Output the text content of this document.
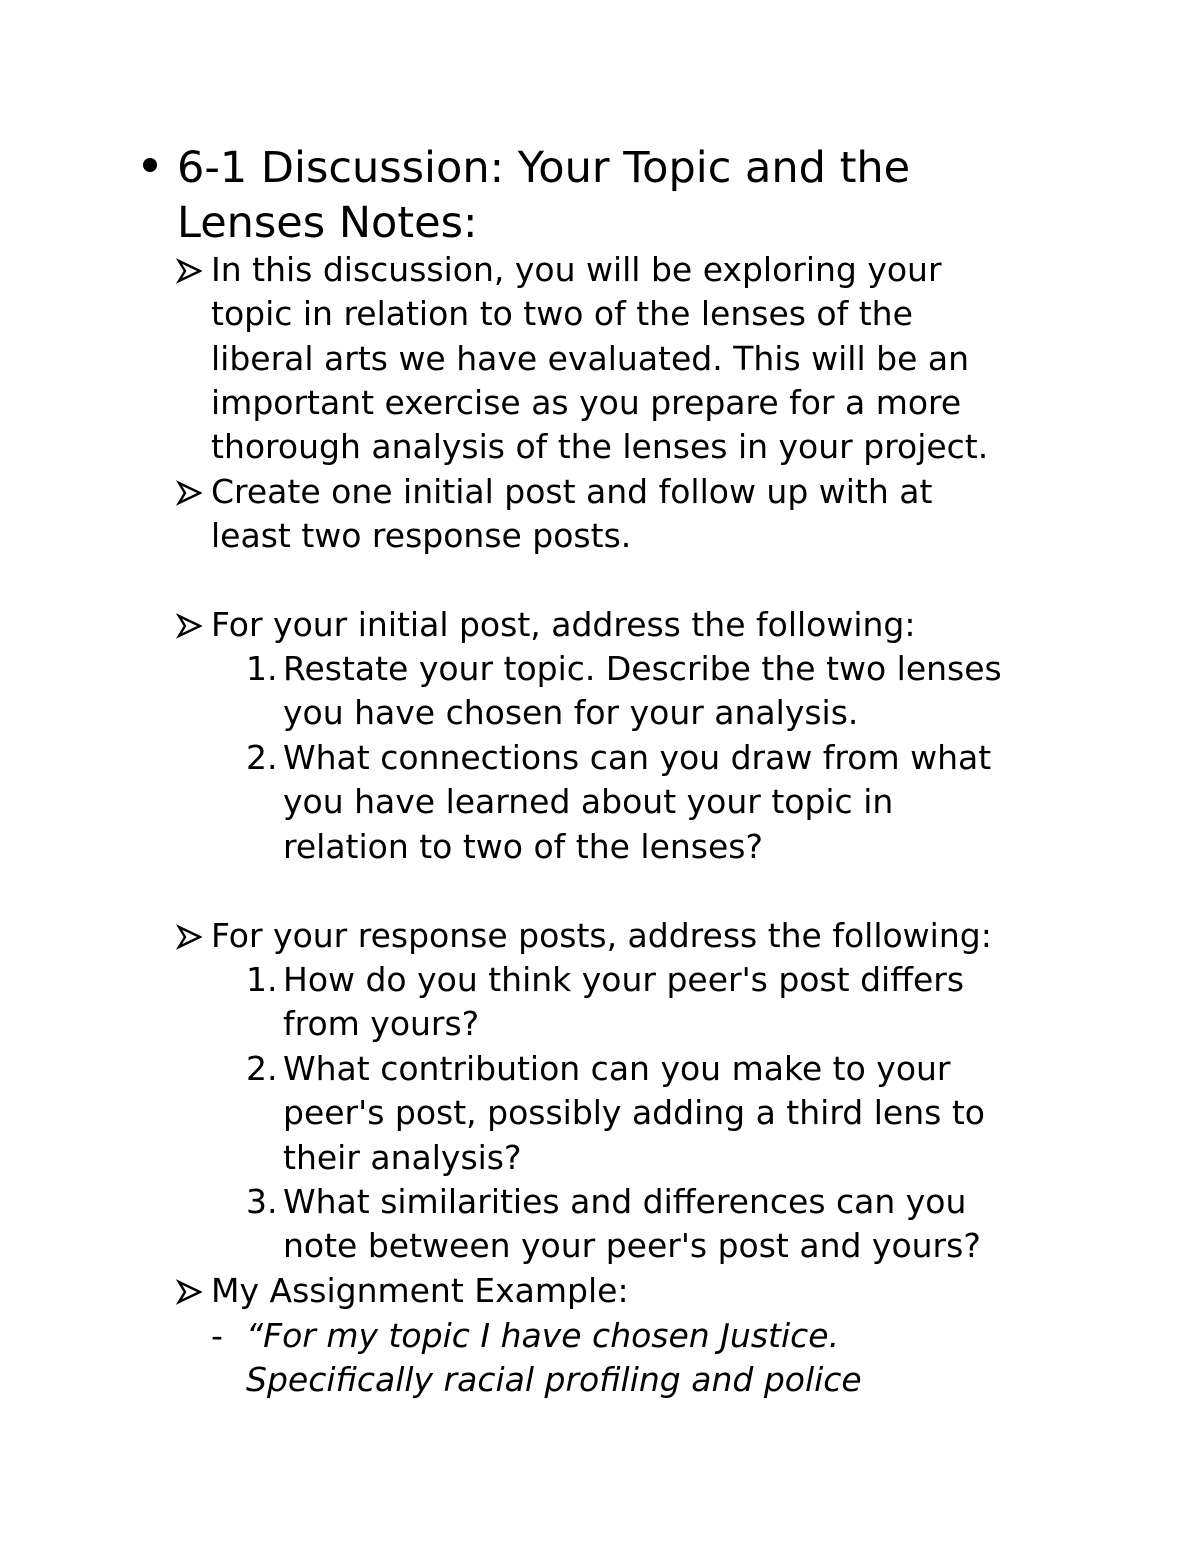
6-1 Discussion: Your Topic and the
Lenses Notes:
In this discussion, you will be exploring your
topic in relation to two of the lenses of the
liberal arts we have evaluated. This will be an
important exercise as you prepare for a more
thorough analysis of the lenses in your project.
Create one initial post and follow up with at
least two response posts.
For your initial post, address the following:
1. Restate your topic. Describe the two lenses
you have chosen for your analysis.
2. What connections can you draw from what
you have learned about your topic in
relation to two of the lenses?
For your response posts, address the following:
1. How do you think your peer's post differs
from yours?
2. What contribution can you make to your
peer's post, possibly adding a third lens to
their analysis?
3. What similarities and differences can you
note between your peer's post and yours?
My Assignment Example:
- “For my topic I have chosen Justice.
Specifically racial profiling and police
